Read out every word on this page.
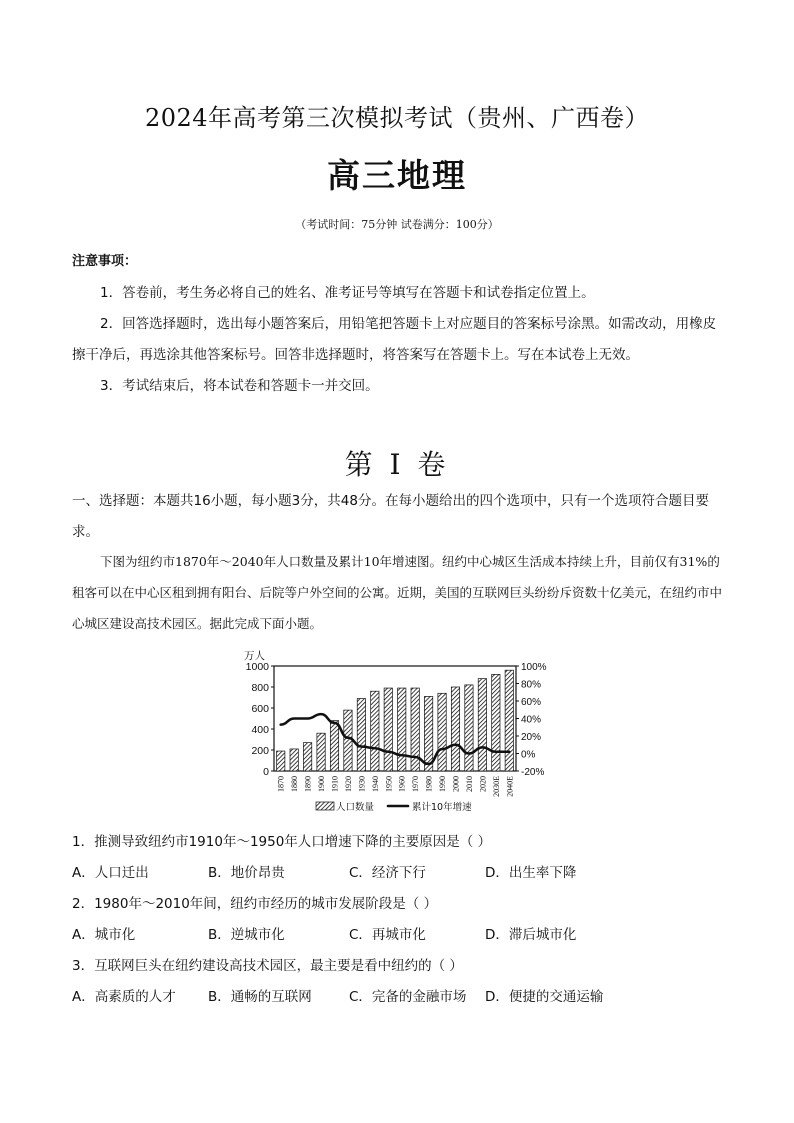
2024年高考第三次模拟考试（贵州、广西卷）
高三地理
（考试时间：75分钟 试卷满分：100分）
注意事项：

1．答卷前，考生务必将自己的姓名、准考证号等填写在答题卡和试卷指定位置上。

2．回答选择题时，选出每小题答案后，用铅笔把答题卡上对应题目的答案标号涂黑。如需改动，用橡皮擦干净后，再选涂其他答案标号。回答非选择题时，将答案写在答题卡上。写在本试卷上无效。

3．考试结束后，将本试卷和答题卡一并交回。

第 I 卷

一、选择题：本题共16小题，每小题3分，共48分。在每小题给出的四个选项中，只有一个选项符合题目要求。

下图为纽约市1870年～2040年人口数量及累计10年增速图。纽约中心城区生活成本持续上升，目前仅有31%的租客可以在中心区租到拥有阳台、后院等户外空间的公寓。近期，美国的互联网巨头纷纷斥资数十亿美元，在纽约市中心城区建设高技术园区。据此完成下面小题。

0
200
400
600
800
1000
万人
-20%
0%
20%
40%
60%
80%
100%
1870 1880 1890 1900 1910 1920 1930 1940 1950 1960 1970 1980 1990 2000 2010 2020 2030E 2040E
人口数量	累计10年增速
1．推测导致纽约市1910年～1950年人口增速下降的主要原因是（ ）
A．人口迁出	B．地价昂贵	C．经济下行	D．出生率下降
2．1980年～2010年间，纽约市经历的城市发展阶段是（ ）
A．城市化	B．逆城市化	C．再城市化	D．滞后城市化
3．互联网巨头在纽约建设高技术园区，最主要是看中纽约的（ ）
A．高素质的人才 B．通畅的互联网	C．完备的金融市场 D．便捷的交通运输
